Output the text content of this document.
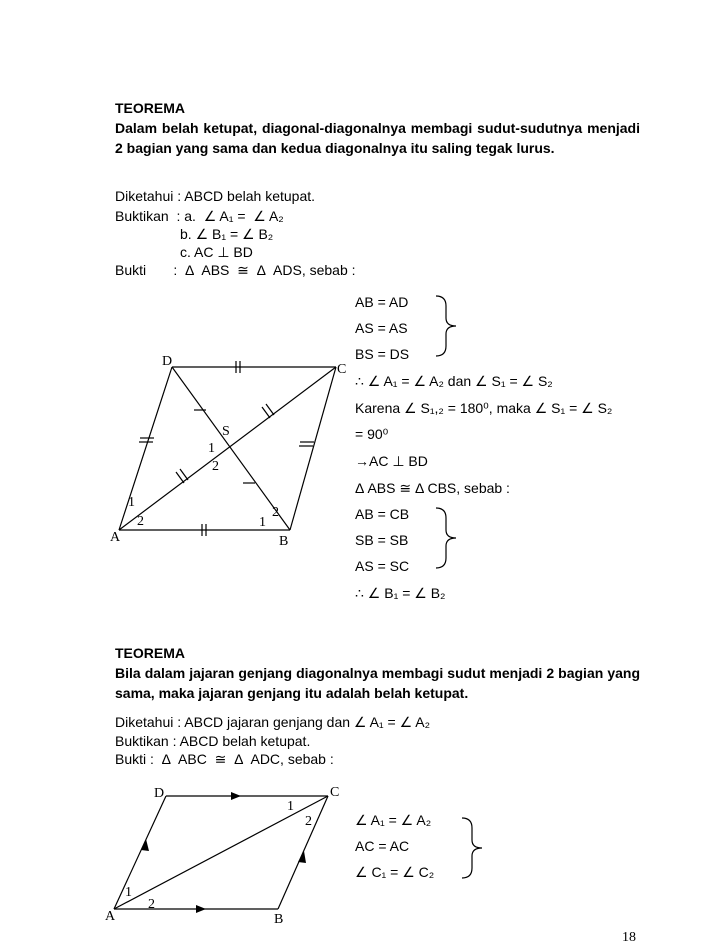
TEOREMA
Dalam belah ketupat, diagonal-diagonalnya membagi sudut-sudutnya menjadi 2 bagian yang sama dan kedua diagonalnya itu saling tegak lurus.
Diketahui : ABCD belah ketupat.
Buktikan  : a.  ∠ A₁ =  ∠ A₂
b. ∠ B₁ = ∠ B₂
c. AC ⊥ BD
Bukti       :  Δ  ABS  ≅  Δ  ADS, sebab :
AB = AD
AS = AS
BS = DS
∴ ∠ A₁ = ∠ A₂ dan ∠ S₁ = ∠ S₂
Karena ∠ S₁,₂ = 180⁰, maka ∠ S₁ = ∠ S₂
= 90⁰
→AC ⊥ BD
Δ ABS ≅ Δ CBS, sebab :
AB = CB
SB = SB
AS = SC
∴ ∠ B₁ = ∠ B₂
A	B
C
D
S
1
2	1
2
1
2
TEOREMA
Bila dalam jajaran genjang diagonalnya membagi sudut menjadi 2 bagian yang sama, maka jajaran genjang itu adalah belah ketupat.
Diketahui : ABCD jajaran genjang dan ∠ A₁ = ∠ A₂
Buktikan : ABCD belah ketupat.
Bukti :  Δ  ABC  ≅  Δ  ADC, sebab :
∠ A₁ = ∠ A₂
AC = AC
∠ C₁ = ∠ C₂
A	B
C
D
1
2
1
2
18
